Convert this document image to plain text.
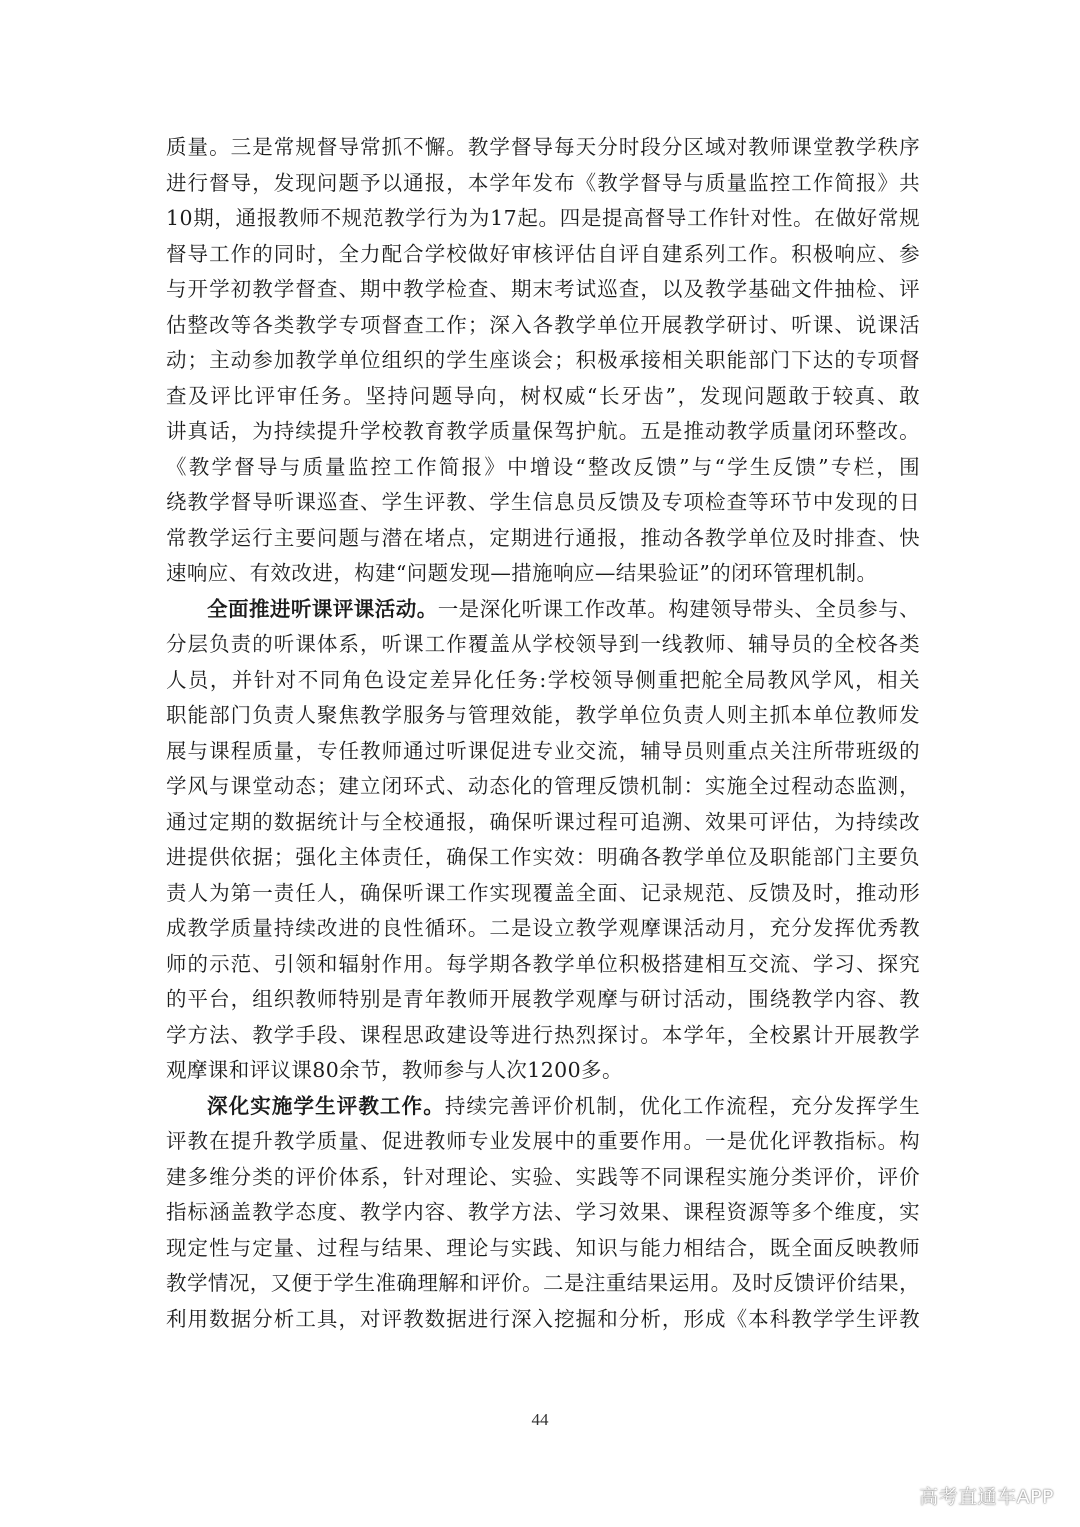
质量。三是常规督导常抓不懈。教学督导每天分时段分区域对教师课堂教学秩序
进行督导，发现问题予以通报，本学年发布《教学督导与质量监控工作简报》共
10期，通报教师不规范教学行为为17起。四是提高督导工作针对性。在做好常规
督导工作的同时，全力配合学校做好审核评估自评自建系列工作。积极响应、参
与开学初教学督查、期中教学检查、期末考试巡查，以及教学基础文件抽检、评
估整改等各类教学专项督查工作；深入各教学单位开展教学研讨、听课、说课活
动；主动参加教学单位组织的学生座谈会；积极承接相关职能部门下达的专项督
查及评比评审任务。坚持问题导向，树权威“长牙齿”，发现问题敢于较真、敢
讲真话，为持续提升学校教育教学质量保驾护航。五是推动教学质量闭环整改。
《教学督导与质量监控工作简报》中增设“整改反馈”与“学生反馈”专栏，围
绕教学督导听课巡查、学生评教、学生信息员反馈及专项检查等环节中发现的日
常教学运行主要问题与潜在堵点，定期进行通报，推动各教学单位及时排查、快
速响应、有效改进，构建“问题发现—措施响应—结果验证”的闭环管理机制。
全面推进听课评课活动。一是深化听课工作改革。构建领导带头、全员参与、
分层负责的听课体系，听课工作覆盖从学校领导到一线教师、辅导员的全校各类
人员，并针对不同角色设定差异化任务:学校领导侧重把舵全局教风学风，相关
职能部门负责人聚焦教学服务与管理效能，教学单位负责人则主抓本单位教师发
展与课程质量，专任教师通过听课促进专业交流，辅导员则重点关注所带班级的
学风与课堂动态；建立闭环式、动态化的管理反馈机制：实施全过程动态监测，
通过定期的数据统计与全校通报，确保听课过程可追溯、效果可评估，为持续改
进提供依据；强化主体责任，确保工作实效：明确各教学单位及职能部门主要负
责人为第一责任人，确保听课工作实现覆盖全面、记录规范、反馈及时，推动形
成教学质量持续改进的良性循环。二是设立教学观摩课活动月，充分发挥优秀教
师的示范、引领和辐射作用。每学期各教学单位积极搭建相互交流、学习、探究
的平台，组织教师特别是青年教师开展教学观摩与研讨活动，围绕教学内容、教
学方法、教学手段、课程思政建设等进行热烈探讨。本学年，全校累计开展教学
观摩课和评议课80余节，教师参与人次1200多。
深化实施学生评教工作。持续完善评价机制，优化工作流程，充分发挥学生
评教在提升教学质量、促进教师专业发展中的重要作用。一是优化评教指标。构
建多维分类的评价体系，针对理论、实验、实践等不同课程实施分类评价，评价
指标涵盖教学态度、教学内容、教学方法、学习效果、课程资源等多个维度，实
现定性与定量、过程与结果、理论与实践、知识与能力相结合，既全面反映教师
教学情况，又便于学生准确理解和评价。二是注重结果运用。及时反馈评价结果，
利用数据分析工具，对评教数据进行深入挖掘和分析，形成《本科教学学生评教
44
高考直通车APP
